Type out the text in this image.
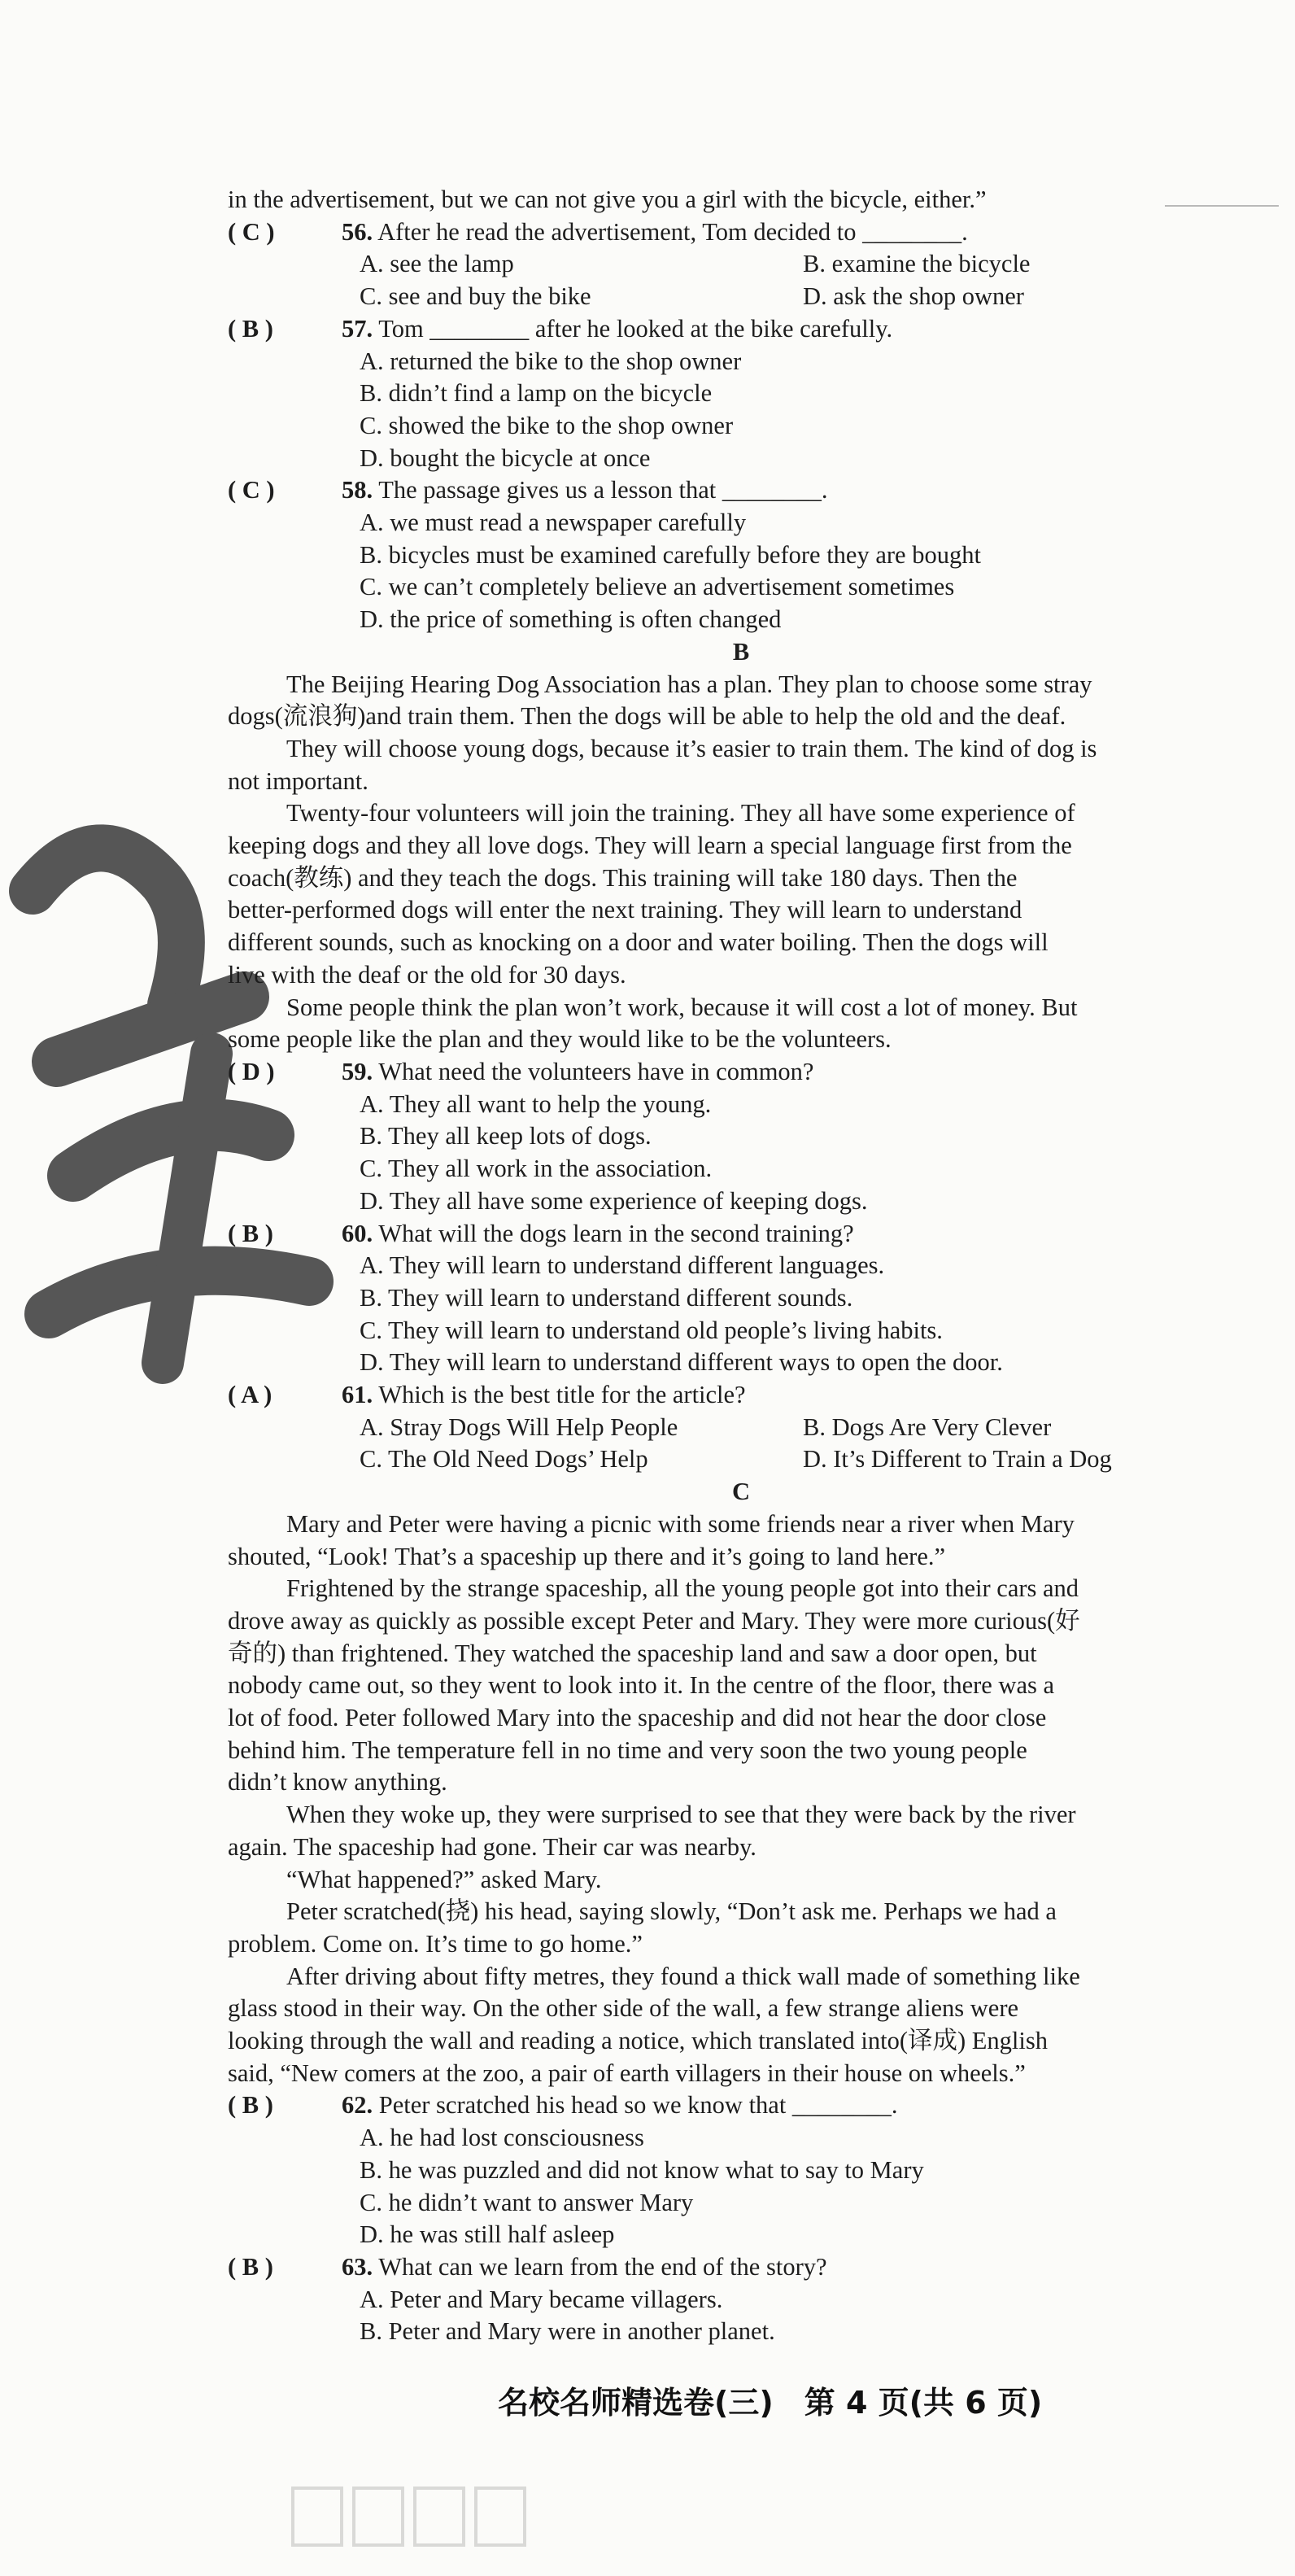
in the advertisement, but we can not give you a girl with the bicycle, either.”
( C )	56. After he read the advertisement, Tom decided to ________.
A. see the lamp	B. examine the bicycle
C. see and buy the bike	D. ask the shop owner
( B )	57. Tom ________ after he looked at the bike carefully.
A. returned the bike to the shop owner
B. didn’t find a lamp on the bicycle
C. showed the bike to the shop owner
D. bought the bicycle at once
( C )	58. The passage gives us a lesson that ________.
A. we must read a newspaper carefully
B. bicycles must be examined carefully before they are bought
C. we can’t completely believe an advertisement sometimes
D. the price of something is often changed
B
The Beijing Hearing Dog Association has a plan. They plan to choose some stray
dogs(流浪狗)and train them. Then the dogs will be able to help the old and the deaf.
They will choose young dogs, because it’s easier to train them. The kind of dog is
not important.
Twenty-four volunteers will join the training. They all have some experience of
keeping dogs and they all love dogs. They will learn a special language first from the
coach(教练) and they teach the dogs. This training will take 180 days. Then the
better-performed dogs will enter the next training. They will learn to understand
different sounds, such as knocking on a door and water boiling. Then the dogs will
live with the deaf or the old for 30 days.
Some people think the plan won’t work, because it will cost a lot of money. But
some people like the plan and they would like to be the volunteers.
( D )	59. What need the volunteers have in common?
A. They all want to help the young.
B. They all keep lots of dogs.
C. They all work in the association.
D. They all have some experience of keeping dogs.
( B )	60. What will the dogs learn in the second training?
A. They will learn to understand different languages.
B. They will learn to understand different sounds.
C. They will learn to understand old people’s living habits.
D. They will learn to understand different ways to open the door.
( A )	61. Which is the best title for the article?
A. Stray Dogs Will Help People	B. Dogs Are Very Clever
C. The Old Need Dogs’ Help	D. It’s Different to Train a Dog
C
Mary and Peter were having a picnic with some friends near a river when Mary
shouted, “Look! That’s a spaceship up there and it’s going to land here.”
Frightened by the strange spaceship, all the young people got into their cars and
drove away as quickly as possible except Peter and Mary. They were more curious(好
奇的) than frightened. They watched the spaceship land and saw a door open, but
nobody came out, so they went to look into it. In the centre of the floor, there was a
lot of food. Peter followed Mary into the spaceship and did not hear the door close
behind him. The temperature fell in no time and very soon the two young people
didn’t know anything.
When they woke up, they were surprised to see that they were back by the river
again. The spaceship had gone. Their car was nearby.
“What happened?” asked Mary.
Peter scratched(挠) his head, saying slowly, “Don’t ask me. Perhaps we had a
problem. Come on. It’s time to go home.”
After driving about fifty metres, they found a thick wall made of something like
glass stood in their way. On the other side of the wall, a few strange aliens were
looking through the wall and reading a notice, which translated into(译成) English
said, “New comers at the zoo, a pair of earth villagers in their house on wheels.”
( B )	62. Peter scratched his head so we know that ________.
A. he had lost consciousness
B. he was puzzled and did not know what to say to Mary
C. he didn’t want to answer Mary
D. he was still half asleep
( B )	63. What can we learn from the end of the story?
A. Peter and Mary became villagers.
B. Peter and Mary were in another planet.
名校名师精选卷(三)　第 4 页(共 6 页)
